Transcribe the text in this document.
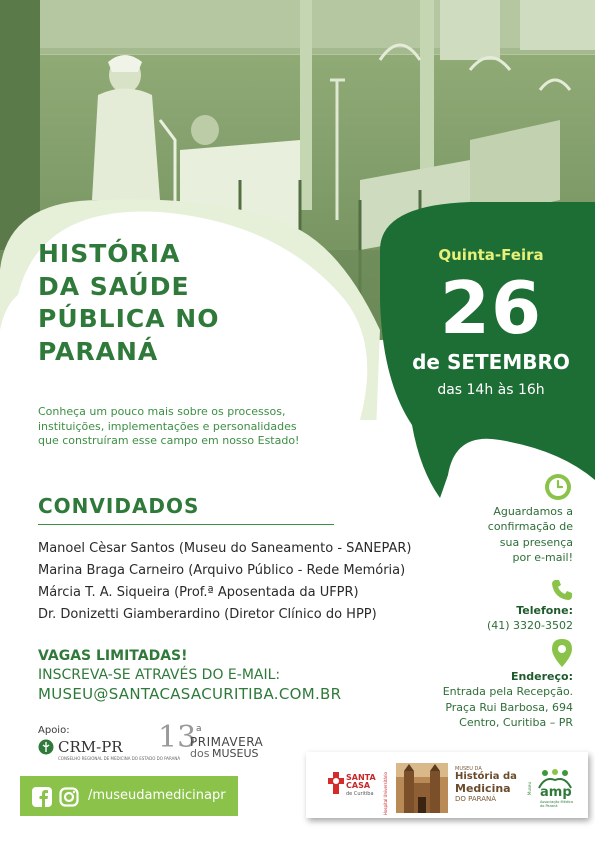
HISTÓRIA
DA SAÚDE
PÚBLICA NO
PARANÁ

Conheça um pouco mais sobre os processos,
instituições, implementações e personalidades
que construíram esse campo em nosso Estado!

Quinta-Feira
26
de SETEMBRO
das 14h às 16h
CONVIDADOS
Manoel Cèsar Santos (Museu do Saneamento - SANEPAR)
Marina Braga Carneiro (Arquivo Público - Rede Memória)
Márcia T. A. Siqueira (Prof.ª Aposentada da UFPR)
Dr. Donizetti Giamberardino (Diretor Clínico do HPP)
VAGAS LIMITADAS!
INSCREVA-SE ATRAVÉS DO E-MAIL:
MUSEU@SANTACASACURITIBA.COM.BR
Aguardamos a
confirmação de
sua presença
por e-mail!
Telefone:
(41) 3320-3502
Endereço:
Entrada pela Recepção.
Praça Rui Barbosa, 694
Centro, Curitiba – PR
Apoio:
CRM-PR
CONSELHO REGIONAL DE MEDICINA DO ESTADO DO PARANÁ
13 a
PRIMAVERA
dos MUSEUS
/museudamedicinapr
SANTA
CASA
de Curitiba	Hospital Universitário
MUSEU DA
História da
Medicina
DO PARANÁ
Museu amp
Associação Médica do Paraná
